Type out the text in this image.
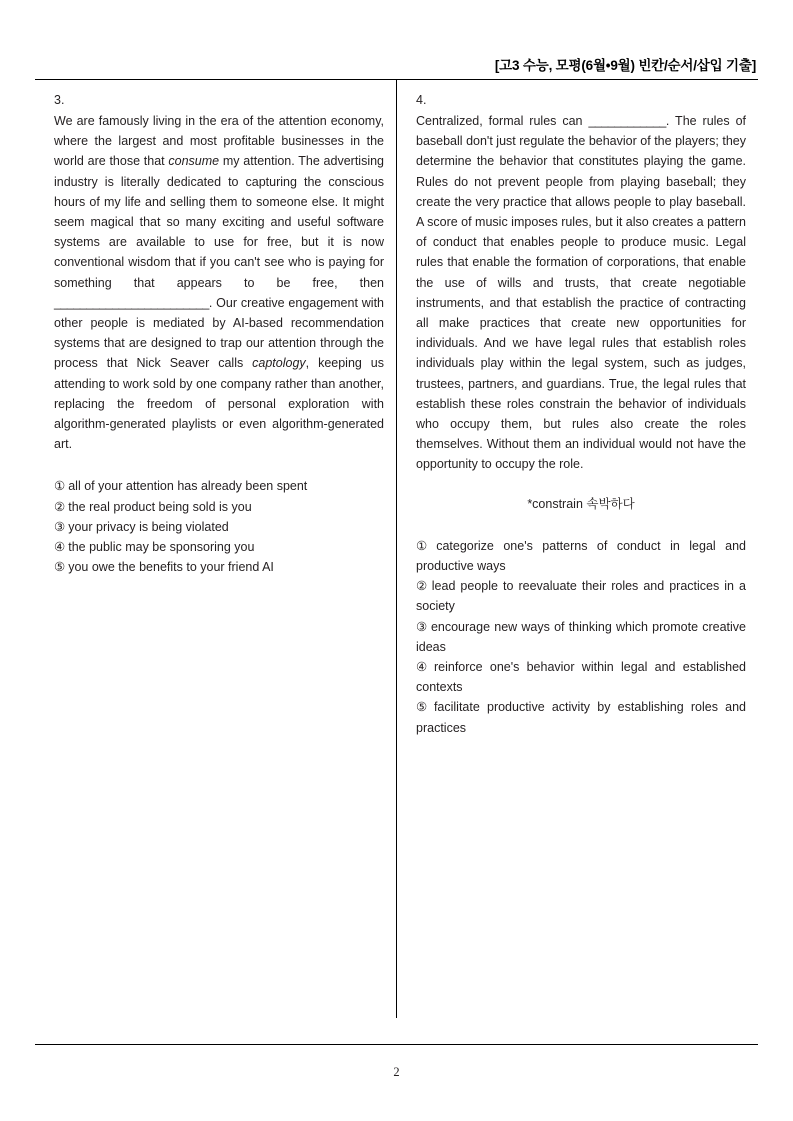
[고3 수능, 모평(6월•9월) 빈칸/순서/삽입 기출]

3.

We are famously living in the era of the attention economy, where the largest and most profitable businesses in the world are those that consume my attention. The advertising industry is literally dedicated to capturing the conscious hours of my life and selling them to someone else. It might seem magical that so many exciting and useful software systems are available to use for free, but it is now conventional wisdom that if you can't see who is paying for something that appears to be free, then ________________________. Our creative engagement with other people is mediated by AI-based recommendation systems that are designed to trap our attention through the process that Nick Seaver calls captology, keeping us attending to work sold by one company rather than another, replacing the freedom of personal exploration with algorithm-generated playlists or even algorithm-generated art.

① all of your attention has already been spent
② the real product being sold is you
③ your privacy is being violated
④ the public may be sponsoring you
⑤ you owe the benefits to your friend AI

4.

Centralized, formal rules can ____________. The rules of baseball don't just regulate the behavior of the players; they determine the behavior that constitutes playing the game. Rules do not prevent people from playing baseball; they create the very practice that allows people to play baseball. A score of music imposes rules, but it also creates a pattern of conduct that enables people to produce music. Legal rules that enable the formation of corporations, that enable the use of wills and trusts, that create negotiable instruments, and that establish the practice of contracting all make practices that create new opportunities for individuals. And we have legal rules that establish roles individuals play within the legal system, such as judges, trustees, partners, and guardians. True, the legal rules that establish these roles constrain the behavior of individuals who occupy them, but rules also create the roles themselves. Without them an individual would not have the opportunity to occupy the role.

*constrain 속박하다

① categorize one's patterns of conduct in legal and productive ways
② lead people to reevaluate their roles and practices in a society
③ encourage new ways of thinking which promote creative ideas
④ reinforce one's behavior within legal and established contexts
⑤ facilitate productive activity by establishing roles and practices
2
